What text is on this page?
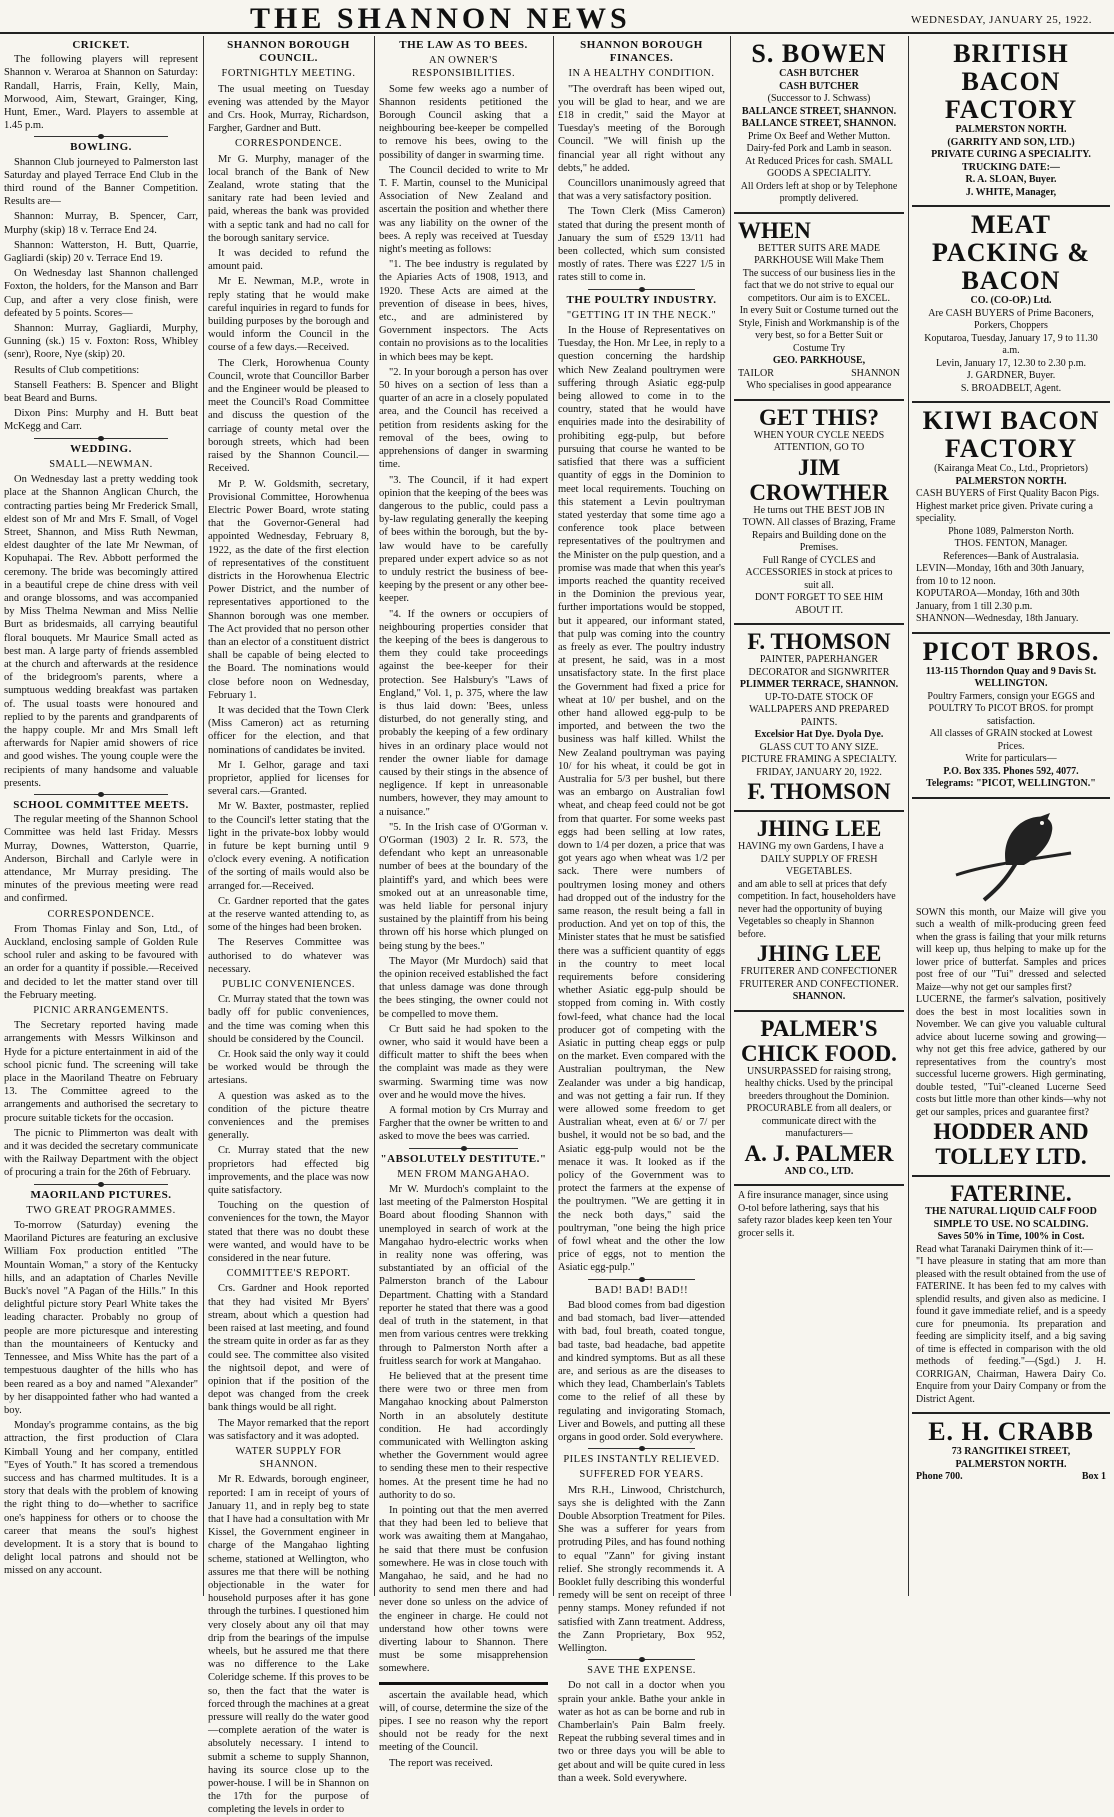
THE SHANNON NEWS	WEDNESDAY, JANUARY 25, 1922.
CRICKET.

The following players will represent Shannon v. Weraroa at Shannon on Saturday: Randall, Harris, Frain, Kelly, Main, Morwood, Aim, Stewart, Grainger, King, Hunt, Emer., Ward. Players to assemble at 1.45 p.m.

BOWLING.

Shannon Club journeyed to Palmerston last Saturday and played Terrace End Club in the third round of the Banner Competition. Results are—

Shannon: Murray, B. Spencer, Carr, Murphy (skip) 18 v. Terrace End 24.

Shannon: Watterston, H. Butt, Quarrie, Gagliardi (skip) 20 v. Terrace End 19.

On Wednesday last Shannon challenged Foxton, the holders, for the Manson and Barr Cup, and after a very close finish, were defeated by 5 points. Scores—

Shannon: Murray, Gagliardi, Murphy, Gunning (sk.) 15 v. Foxton: Ross, Whibley (senr), Roore, Nye (skip) 20.

Results of Club competitions:

Stansell Feathers: B. Spencer and Blight beat Beard and Burns.

Dixon Pins: Murphy and H. Butt beat McKegg and Carr.

WEDDING.
SMALL—NEWMAN.

On Wednesday last a pretty wedding took place at the Shannon Anglican Church, the contracting parties being Mr Frederick Small, eldest son of Mr and Mrs F. Small, of Vogel Street, Shannon, and Miss Ruth Newman, eldest daughter of the late Mr Newman, of Kopuhapai. The Rev. Abbott performed the ceremony. The bride was becomingly attired in a beautiful crepe de chine dress with veil and orange blossoms, and was accompanied by Miss Thelma Newman and Miss Nellie Burt as bridesmaids, all carrying beautiful floral bouquets. Mr Maurice Small acted as best man. A large party of friends assembled at the church and afterwards at the residence of the bridegroom's parents, where a sumptuous wedding breakfast was partaken of. The usual toasts were honoured and replied to by the parents and grandparents of the happy couple. Mr and Mrs Small left afterwards for Napier amid showers of rice and good wishes. The young couple were the recipients of many handsome and valuable presents.

SCHOOL COMMITTEE MEETS.

The regular meeting of the Shannon School Committee was held last Friday. Messrs Murray, Downes, Watterston, Quarrie, Anderson, Birchall and Carlyle were in attendance, Mr Murray presiding. The minutes of the previous meeting were read and confirmed.

CORRESPONDENCE.

From Thomas Finlay and Son, Ltd., of Auckland, enclosing sample of Golden Rule school ruler and asking to be favoured with an order for a quantity if possible.—Received and decided to let the matter stand over till the February meeting.

PICNIC ARRANGEMENTS.

The Secretary reported having made arrangements with Messrs Wilkinson and Hyde for a picture entertainment in aid of the school picnic fund. The screening will take place in the Maoriland Theatre on February 13. The Committee agreed to the arrangements and authorised the secretary to procure suitable tickets for the occasion.

The picnic to Plimmerton was dealt with and it was decided the secretary communicate with the Railway Department with the object of procuring a train for the 26th of February.

MAORILAND PICTURES.
TWO GREAT PROGRAMMES.

To-morrow (Saturday) evening the Maoriland Pictures are featuring an exclusive William Fox production entitled "The Mountain Woman," a story of the Kentucky hills, and an adaptation of Charles Neville Buck's novel "A Pagan of the Hills." In this delightful picture story Pearl White takes the leading character. Probably no group of people are more picturesque and interesting than the mountaineers of Kentucky and Tennessee, and Miss White has the part of a tempestuous daughter of the hills who has been reared as a boy and named "Alexander" by her disappointed father who had wanted a boy.

Monday's programme contains, as the big attraction, the first production of Clara Kimball Young and her company, entitled "Eyes of Youth." It has scored a tremendous success and has charmed multitudes. It is a story that deals with the problem of knowing the right thing to do—whether to sacrifice one's happiness for others or to choose the career that means the soul's highest development. It is a story that is bound to delight local patrons and should not be missed on any account.

SHANNON BOROUGH COUNCIL.
FORTNIGHTLY MEETING.

The usual meeting on Tuesday evening was attended by the Mayor and Crs. Hook, Murray, Richardson, Fargher, Gardner and Butt.

CORRESPONDENCE.

Mr G. Murphy, manager of the local branch of the Bank of New Zealand, wrote stating that the sanitary rate had been levied and paid, whereas the bank was provided with a septic tank and had no call for the borough sanitary service.

It was decided to refund the amount paid.

Mr E. Newman, M.P., wrote in reply stating that he would make careful inquiries in regard to funds for building purposes by the borough and would inform the Council in the course of a few days.—Received.

The Clerk, Horowhenua County Council, wrote that Councillor Barber and the Engineer would be pleased to meet the Council's Road Committee and discuss the question of the carriage of county metal over the borough streets, which had been raised by the Shannon Council.—Received.

Mr P. W. Goldsmith, secretary, Provisional Committee, Horowhenua Electric Power Board, wrote stating that the Governor-General had appointed Wednesday, February 8, 1922, as the date of the first election of representatives of the constituent districts in the Horowhenua Electric Power District, and the number of representatives apportioned to the Shannon borough was one member. The Act provided that no person other than an elector of a constituent district shall be capable of being elected to the Board. The nominations would close before noon on Wednesday, February 1.

It was decided that the Town Clerk (Miss Cameron) act as returning officer for the election, and that nominations of candidates be invited.

Mr I. Gelhor, garage and taxi proprietor, applied for licenses for several cars.—Granted.

Mr W. Baxter, postmaster, replied to the Council's letter stating that the light in the private-box lobby would in future be kept burning until 9 o'clock every evening. A notification of the sorting of mails would also be arranged for.—Received.

Cr. Gardner reported that the gates at the reserve wanted attending to, as some of the hinges had been broken.

The Reserves Committee was authorised to do whatever was necessary.

PUBLIC CONVENIENCES.

Cr. Murray stated that the town was badly off for public conveniences, and the time was coming when this should be considered by the Council.

Cr. Hook said the only way it could be worked would be through the artesians.

A question was asked as to the condition of the picture theatre conveniences and the premises generally.

Cr. Murray stated that the new proprietors had effected big improvements, and the place was now quite satisfactory.

Touching on the question of conveniences for the town, the Mayor stated that there was no doubt these were wanted, and would have to be considered in the near future.

COMMITTEE'S REPORT.

Crs. Gardner and Hook reported that they had visited Mr Byers' stream, about which a question had been raised at last meeting, and found the stream quite in order as far as they could see. The committee also visited the nightsoil depot, and were of opinion that if the position of the depot was changed from the creek bank things would be all right.

The Mayor remarked that the report was satisfactory and it was adopted.

WATER SUPPLY FOR SHANNON.

Mr R. Edwards, borough engineer, reported: I am in receipt of yours of January 11, and in reply beg to state that I have had a consultation with Mr Kissel, the Government engineer in charge of the Mangahao lighting scheme, stationed at Wellington, who assures me that there will be nothing objectionable in the water for household purposes after it has gone through the turbines. I questioned him very closely about any oil that may drip from the bearings of the impulse wheels, but he assured me that there was no difference to the Lake Coleridge scheme. If this proves to be so, then the fact that the water is forced through the machines at a great pressure will really do the water good—complete aeration of the water is absolutely necessary. I intend to submit a scheme to supply Shannon, having its source close up to the power-house. I will be in Shannon on the 17th for the purpose of completing the levels in order to

THE LAW AS TO BEES.
AN OWNER'S RESPONSIBILITIES.

Some few weeks ago a number of Shannon residents petitioned the Borough Council asking that a neighbouring bee-keeper be compelled to remove his bees, owing to the possibility of danger in swarming time.

The Council decided to write to Mr T. F. Martin, counsel to the Municipal Association of New Zealand and ascertain the position and whether there was any liability on the owner of the bees. A reply was received at Tuesday night's meeting as follows:

"1. The bee industry is regulated by the Apiaries Acts of 1908, 1913, and 1920. These Acts are aimed at the prevention of disease in bees, hives, etc., and are administered by Government inspectors. The Acts contain no provisions as to the localities in which bees may be kept.

"2. In your borough a person has over 50 hives on a section of less than a quarter of an acre in a closely populated area, and the Council has received a petition from residents asking for the removal of the bees, owing to apprehensions of danger in swarming time.

"3. The Council, if it had expert opinion that the keeping of the bees was dangerous to the public, could pass a by-law regulating generally the keeping of bees within the borough, but the by-law would have to be carefully prepared under expert advice so as not to unduly restrict the business of bee-keeping by the present or any other bee-keeper.

"4. If the owners or occupiers of neighbouring properties consider that the keeping of the bees is dangerous to them they could take proceedings against the bee-keeper for their protection. See Halsbury's "Laws of England," Vol. 1, p. 375, where the law is thus laid down: 'Bees, unless disturbed, do not generally sting, and probably the keeping of a few ordinary hives in an ordinary place would not render the owner liable for damage caused by their stings in the absence of negligence. If kept in unreasonable numbers, however, they may amount to a nuisance."

"5. In the Irish case of O'Gorman v. O'Gorman (1903) 2 Ir. R. 573, the defendant who kept an unreasonable number of bees at the boundary of the plaintiff's yard, and which bees were smoked out at an unreasonable time, was held liable for personal injury sustained by the plaintiff from his being thrown off his horse which plunged on being stung by the bees."

The Mayor (Mr Murdoch) said that the opinion received established the fact that unless damage was done through the bees stinging, the owner could not be compelled to move them.

Cr Butt said he had spoken to the owner, who said it would have been a difficult matter to shift the bees when the complaint was made as they were swarming. Swarming time was now over and he would move the hives.

A formal motion by Crs Murray and Fargher that the owner be written to and asked to move the bees was carried.

"ABSOLUTELY DESTITUTE."
MEN FROM MANGAHAO.

Mr W. Murdoch's complaint to the last meeting of the Palmerston Hospital Board about flooding Shannon with unemployed in search of work at the Mangahao hydro-electric works when in reality none was offering, was substantiated by an official of the Palmerston branch of the Labour Department. Chatting with a Standard reporter he stated that there was a good deal of truth in the statement, in that men from various centres were trekking through to Palmerston North after a fruitless search for work at Mangahao.

He believed that at the present time there were two or three men from Mangahao knocking about Palmerston North in an absolutely destitute condition. He had accordingly communicated with Wellington asking whether the Government would agree to sending these men to their respective homes. At the present time he had no authority to do so.

In pointing out that the men averred that they had been led to believe that work was awaiting them at Mangahao, he said that there must be confusion somewhere. He was in close touch with Mangahao, he said, and he had no authority to send men there and had never done so unless on the advice of the engineer in charge. He could not understand how other towns were diverting labour to Shannon. There must be some misapprehension somewhere.

ascertain the available head, which will, of course, determine the size of the pipes. I see no reason why the report should not be ready for the next meeting of the Council.

The report was received.

SHANNON BOROUGH FINANCES.
IN A HEALTHY CONDITION.

"The overdraft has been wiped out, you will be glad to hear, and we are £18 in credit," said the Mayor at Tuesday's meeting of the Borough Council. "We will finish up the financial year all right without any debts," he added.

Councillors unanimously agreed that that was a very satisfactory position.

The Town Clerk (Miss Cameron) stated that during the present month of January the sum of £529 13/11 had been collected, which sum consisted mostly of rates. There was £227 1/5 in rates still to come in.

THE POULTRY INDUSTRY.
"GETTING IT IN THE NECK."

In the House of Representatives on Tuesday, the Hon. Mr Lee, in reply to a question concerning the hardship which New Zealand poultrymen were suffering through Asiatic egg-pulp being allowed to come in to the country, stated that he would have enquiries made into the desirability of prohibiting egg-pulp, but before pursuing that course he wanted to be satisfied that there was a sufficient quantity of eggs in the Dominion to meet local requirements. Touching on this statement a Levin poultryman stated yesterday that some time ago a conference took place between representatives of the poultrymen and the Minister on the pulp question, and a promise was made that when this year's imports reached the quantity received in the Dominion the previous year, further importations would be stopped, but it appeared, our informant stated, that pulp was coming into the country as freely as ever. The poultry industry at present, he said, was in a most unsatisfactory state. In the first place the Government had fixed a price for wheat at 10/ per bushel, and on the other hand allowed egg-pulp to be imported, and between the two the business was half killed. Whilst the New Zealand poultryman was paying 10/ for his wheat, it could be got in Australia for 5/3 per bushel, but there was an embargo on Australian fowl wheat, and cheap feed could not be got from that quarter. For some weeks past eggs had been selling at low rates, down to 1/4 per dozen, a price that was got years ago when wheat was 1/2 per sack. There were numbers of poultrymen losing money and others had dropped out of the industry for the same reason, the result being a fall in production. And yet on top of this, the Minister states that he must be satisfied there was a sufficient quantity of eggs in the country to meet local requirements before considering whether Asiatic egg-pulp should be stopped from coming in. With costly fowl-feed, what chance had the local producer got of competing with the Asiatic in putting cheap eggs or pulp on the market. Even compared with the Australian poultryman, the New Zealander was under a big handicap, and was not getting a fair run. If they were allowed some freedom to get Australian wheat, even at 6/ or 7/ per bushel, it would not be so bad, and the Asiatic egg-pulp would not be the menace it was. It looked as if the policy of the Government was to protect the farmers at the expense of the poultrymen. "We are getting it in the neck both days," said the poultryman, "one being the high price of fowl wheat and the other the low price of eggs, not to mention the Asiatic egg-pulp."

BAD! BAD! BAD!!

Bad blood comes from bad digestion and bad stomach, bad liver—attended with bad, foul breath, coated tongue, bad taste, bad headache, bad appetite and kindred symptoms. But as all these are, and serious as are the diseases to which they lead, Chamberlain's Tablets come to the relief of all these by regulating and invigorating Stomach, Liver and Bowels, and putting all these organs in good order. Sold everywhere.

PILES INSTANTLY RELIEVED.
SUFFERED FOR YEARS.

Mrs R.H., Linwood, Christchurch, says she is delighted with the Zann Double Absorption Treatment for Piles. She was a sufferer for years from protruding Piles, and has found nothing to equal "Zann" for giving instant relief. She strongly recommends it. A Booklet fully describing this wonderful remedy will be sent on receipt of three penny stamps. Money refunded if not satisfied with Zann treatment. Address, the Zann Proprietary, Box 952, Wellington.

SAVE THE EXPENSE.

Do not call in a doctor when you sprain your ankle. Bathe your ankle in water as hot as can be borne and rub in Chamberlain's Pain Balm freely. Repeat the rubbing several times and in two or three days you will be able to get about and will be quite cured in less than a week. Sold everywhere.

S. BOWEN
CASH BUTCHER
CASH BUTCHER
(Successor to J. Schwass)
BALLANCE STREET, SHANNON.
BALLANCE STREET, SHANNON.
Prime Ox Beef and Wether Mutton. Dairy-fed Pork and Lamb in season.
At Reduced Prices for cash. SMALL GOODS A SPECIALITY.
All Orders left at shop or by Telephone promptly delivered.
WHEN
BETTER SUITS ARE MADE PARKHOUSE Will Make Them
The success of our business lies in the fact that we do not strive to equal our competitors. Our aim is to EXCEL.
In every Suit or Costume turned out the Style, Finish and Workmanship is of the very best, so for a Better Suit or Costume Try
GEO. PARKHOUSE,
TAILOR	SHANNON
Who specialises in good appearance
GET THIS?
WHEN YOUR CYCLE NEEDS ATTENTION, GO TO
JIM CROWTHER
He turns out THE BEST JOB IN TOWN. All classes of Brazing, Frame Repairs and Building done on the Premises.
Full Range of CYCLES and ACCESSORIES in stock at prices to suit all.
DON'T FORGET TO SEE HIM ABOUT IT.
F. THOMSON
PAINTER, PAPERHANGER DECORATOR and SIGNWRITER
PLIMMER TERRACE, SHANNON.
UP-TO-DATE STOCK OF WALLPAPERS AND PREPARED PAINTS.
Excelsior Hat Dye. Dyola Dye.
GLASS CUT TO ANY SIZE.
PICTURE FRAMING A SPECIALTY. FRIDAY, JANUARY 20, 1922.
F. THOMSON
JHING LEE
HAVING my own Gardens, I have a
DAILY SUPPLY OF FRESH VEGETABLES.
and am able to sell at prices that defy competition. In fact, householders have never had the opportunity of buying Vegetables so cheaply in Shannon before.
JHING LEE
FRUITERER AND CONFECTIONER FRUITERER AND CONFECTIONER.
SHANNON.
PALMER'S CHICK FOOD.
UNSURPASSED for raising strong, healthy chicks. Used by the principal breeders throughout the Dominion. PROCURABLE from all dealers, or communicate direct with the manufacturers—
A. J. PALMER
AND CO., LTD.
A fire insurance manager, since using O-tol before lathering, says that his safety razor blades keep keen ten Your grocer sells it.
BRITISH BACON FACTORY
PALMERSTON NORTH.
(GARRITY AND SON, LTD.)
PRIVATE CURING A SPECIALITY.
TRUCKING DATE:—
R. A. SLOAN, Buyer.
J. WHITE, Manager,
MEAT PACKING & BACON
CO. (CO-OP.) Ltd.
Are CASH BUYERS of Prime Baconers, Porkers, Choppers
Koputaroa, Tuesday, January 17, 9 to 11.30 a.m.
Levin, January 17, 12.30 to 2.30 p.m.
J. GARDNER, Buyer.
S. BROADBELT, Agent.
KIWI BACON FACTORY
(Kairanga Meat Co., Ltd., Proprietors)
PALMERSTON NORTH.
CASH BUYERS of First Quality Bacon Pigs. Highest market price given. Private curing a speciality.
Phone 1089, Palmerston North.
THOS. FENTON, Manager.
References—Bank of Australasia.
LEVIN—Monday, 16th and 30th January, from 10 to 12 noon.
KOPUTAROA—Monday, 16th and 30th January, from 1 till 2.30 p.m.
SHANNON—Wednesday, 18th January.
PICOT BROS.
113-115 Thorndon Quay and 9 Davis St. WELLINGTON.
Poultry Farmers, consign your EGGS and POULTRY To PICOT BROS. for prompt satisfaction.
All classes of GRAIN stocked at Lowest Prices.
Write for particulars—
P.O. Box 335. Phones 592, 4077.
Telegrams: "PICOT, WELLINGTON."
SOWN this month, our Maize will give you such a wealth of milk-producing green feed when the grass is failing that your milk returns will keep up, thus helping to make up for the lower price of butterfat. Samples and prices post free of our "Tui" dressed and selected Maize—why not get our samples first?
LUCERNE, the farmer's salvation, positively does the best in most localities sown in November. We can give you valuable cultural advice about lucerne sowing and growing—why not get this free advice, gathered by our representatives from the country's most successful lucerne growers. High germinating, double tested, "Tui"-cleaned Lucerne Seed costs but little more than other kinds—why not get our samples, prices and guarantee first?
HODDER AND TOLLEY LTD.
FATERINE.
THE NATURAL LIQUID CALF FOOD SIMPLE TO USE. NO SCALDING.
Saves 50% in Time, 100% in Cost.
Read what Taranaki Dairymen think of it:—
"I have pleasure in stating that am more than pleased with the result obtained from the use of FATERINE. It has been fed to my calves with splendid results, and given also as medicine. I found it gave immediate relief, and is a speedy cure for pneumonia. Its preparation and feeding are simplicity itself, and a big saving of time is effected in comparison with the old methods of feeding."—(Sgd.) J. H. CORRIGAN, Chairman, Hawera Dairy Co. Enquire from your Dairy Company or from the District Agent.
E. H. CRABB
73 RANGITIKEI STREET, PALMERSTON NORTH.
Phone 700.	Box 1
